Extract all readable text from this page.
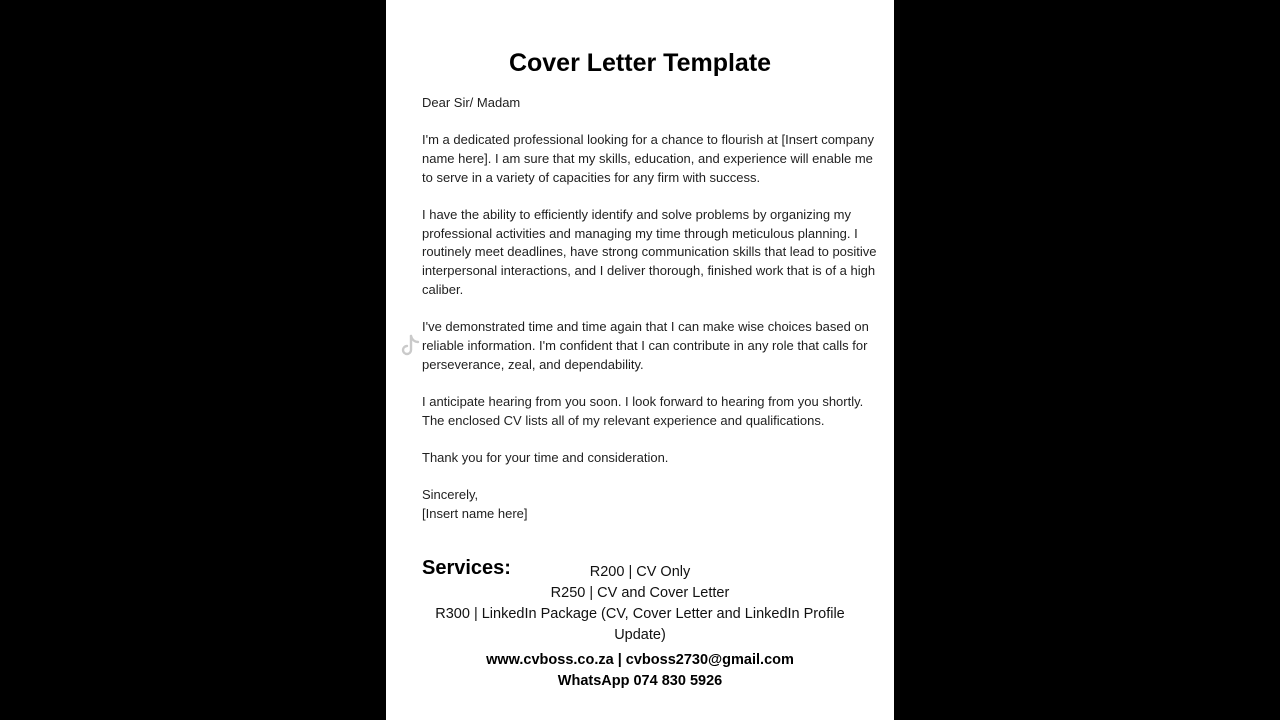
Cover Letter Template

Dear Sir/ Madam

I'm a dedicated professional looking for a chance to flourish at [Insert company name here]. I am sure that my skills, education, and experience will enable me to serve in a variety of capacities for any firm with success.

I have the ability to efficiently identify and solve problems by organizing my professional activities and managing my time through meticulous planning. I routinely meet deadlines, have strong communication skills that lead to positive interpersonal interactions, and I deliver thorough, finished work that is of a high caliber.

I've demonstrated time and time again that I can make wise choices based on reliable information. I'm confident that I can contribute in any role that calls for perseverance, zeal, and dependability.

I anticipate hearing from you soon. I look forward to hearing from you shortly. The enclosed CV lists all of my relevant experience and qualifications.

Thank you for your time and consideration.

Sincerely,

[Insert name here]

Services:	R200 | CV Only
R250 | CV and Cover Letter
R300 | LinkedIn Package (CV, Cover Letter and LinkedIn Profile Update)
www.cvboss.co.za | cvboss2730@gmail.com
WhatsApp 074 830 5926
